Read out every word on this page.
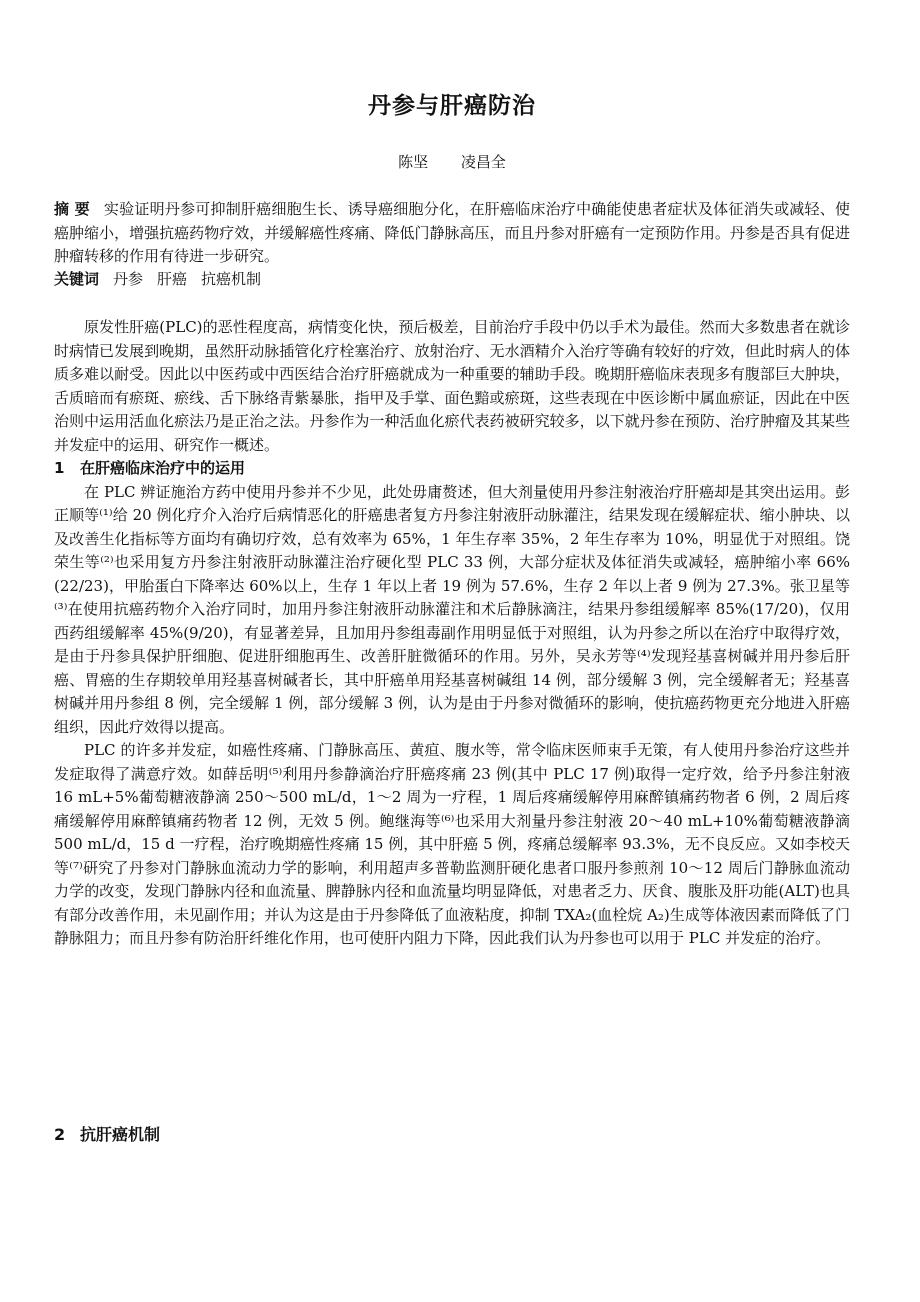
丹参与肝癌防治
陈坚 凌昌全

摘 要 实验证明丹参可抑制肝癌细胞生长、诱导癌细胞分化，在肝癌临床治疗中确能使患者症状及体征消失或减轻、使癌肿缩小，增强抗癌药物疗效，并缓解癌性疼痛、降低门静脉高压，而且丹参对肝癌有一定预防作用。丹参是否具有促进肿瘤转移的作用有待进一步研究。

关键词 丹参 肝癌 抗癌机制

原发性肝癌(PLC)的恶性程度高，病情变化快，预后极差，目前治疗手段中仍以手术为最佳。然而大多数患者在就诊时病情已发展到晚期，虽然肝动脉插管化疗栓塞治疗、放射治疗、无水酒精介入治疗等确有较好的疗效，但此时病人的体质多难以耐受。因此以中医药或中西医结合治疗肝癌就成为一种重要的辅助手段。晚期肝癌临床表现多有腹部巨大肿块，舌质暗而有瘀斑、瘀线、舌下脉络青紫暴胀，指甲及手掌、面色黯或瘀斑，这些表现在中医诊断中属血瘀证，因此在中医治则中运用活血化瘀法乃是正治之法。丹参作为一种活血化瘀代表药被研究较多，以下就丹参在预防、治疗肿瘤及其某些并发症中的运用、研究作一概述。

1 在肝癌临床治疗中的运用

在 PLC 辨证施治方药中使用丹参并不少见，此处毋庸赘述，但大剂量使用丹参注射液治疗肝癌却是其突出运用。彭正顺等⁽¹⁾给 20 例化疗介入治疗后病情恶化的肝癌患者复方丹参注射液肝动脉灌注，结果发现在缓解症状、缩小肿块、以及改善生化指标等方面均有确切疗效，总有效率为 65%，1 年生存率 35%，2 年生存率为 10%，明显优于对照组。饶荣生等⁽²⁾也采用复方丹参注射液肝动脉灌注治疗硬化型 PLC 33 例，大部分症状及体征消失或减轻，癌肿缩小率 66%(22/23)，甲胎蛋白下降率达 60%以上，生存 1 年以上者 19 例为 57.6%，生存 2 年以上者 9 例为 27.3%。张卫星等⁽³⁾在使用抗癌药物介入治疗同时，加用丹参注射液肝动脉灌注和术后静脉滴注，结果丹参组缓解率 85%(17/20)，仅用西药组缓解率 45%(9/20)，有显著差异，且加用丹参组毒副作用明显低于对照组，认为丹参之所以在治疗中取得疗效，是由于丹参具保护肝细胞、促进肝细胞再生、改善肝脏微循环的作用。另外，吴永芳等⁽⁴⁾发现羟基喜树碱并用丹参后肝癌、胃癌的生存期较单用羟基喜树碱者长，其中肝癌单用羟基喜树碱组 14 例，部分缓解 3 例，完全缓解者无；羟基喜树碱并用丹参组 8 例，完全缓解 1 例，部分缓解 3 例，认为是由于丹参对微循环的影响，使抗癌药物更充分地进入肝癌组织，因此疗效得以提高。

PLC 的许多并发症，如癌性疼痛、门静脉高压、黄疸、腹水等，常令临床医师束手无策，有人使用丹参治疗这些并发症取得了满意疗效。如薛岳明⁽⁵⁾利用丹参静滴治疗肝癌疼痛 23 例(其中 PLC 17 例)取得一定疗效，给予丹参注射液 16 mL+5%葡萄糖液静滴 250～500 mL/d，1～2 周为一疗程，1 周后疼痛缓解停用麻醉镇痛药物者 6 例，2 周后疼痛缓解停用麻醉镇痛药物者 12 例，无效 5 例。鲍继海等⁽⁶⁾也采用大剂量丹参注射液 20～40 mL+10%葡萄糖液静滴 500 mL/d，15 d 一疗程，治疗晚期癌性疼痛 15 例，其中肝癌 5 例，疼痛总缓解率 93.3%，无不良反应。又如李校天等⁽⁷⁾研究了丹参对门静脉血流动力学的影响，利用超声多普勒监测肝硬化患者口服丹参煎剂 10～12 周后门静脉血流动力学的改变，发现门静脉内径和血流量、脾静脉内径和血流量均明显降低，对患者乏力、厌食、腹胀及肝功能(ALT)也具有部分改善作用，未见副作用；并认为这是由于丹参降低了血液粘度，抑制 TXA₂(血栓烷 A₂)生成等体液因素而降低了门静脉阻力；而且丹参有防治肝纤维化作用，也可使肝内阻力下降，因此我们认为丹参也可以用于 PLC 并发症的治疗。

2 抗肝癌机制
